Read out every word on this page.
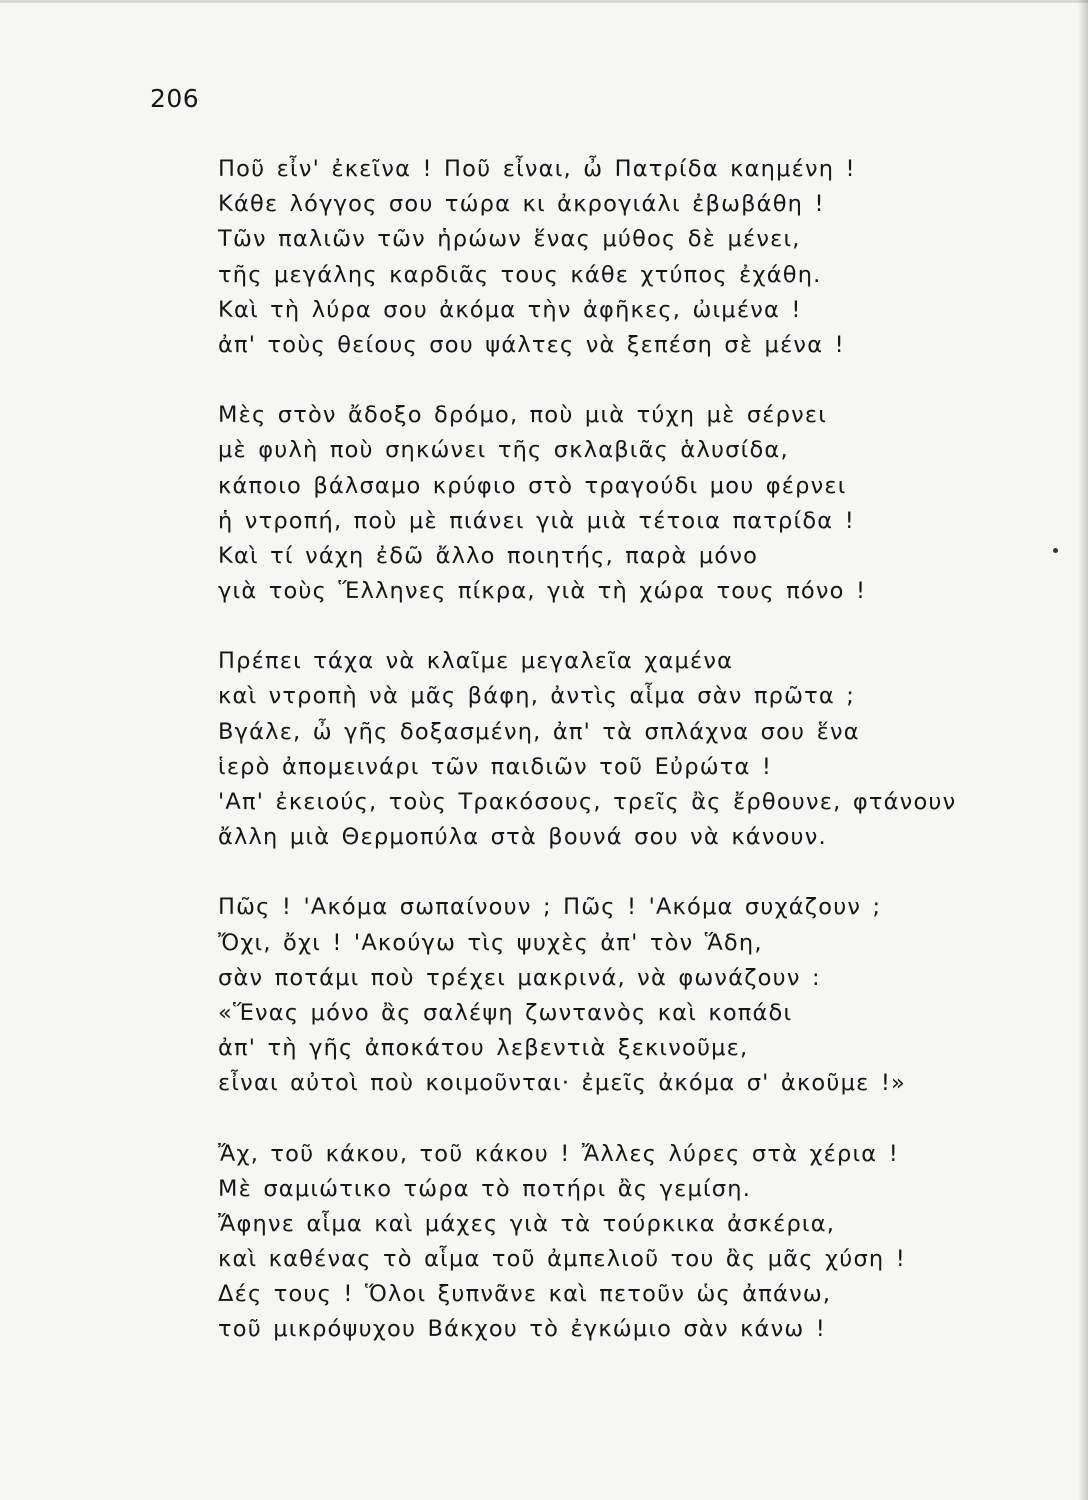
206
Ποῦ εἶν' ἐκεῖνα ! Ποῦ εἶναι, ὦ Πατρίδα καημένη !
Κάθε λόγγος σου τώρα κι ἀκρογιάλι ἐβωβάθη !
Τῶν παλιῶν τῶν ἡρώων ἕνας μύθος δὲ μένει,
τῆς μεγάλης καρδιᾶς τους κάθε χτύπος ἐχάθη.
Καὶ τὴ λύρα σου ἀκόμα τὴν ἀφῆκες, ὠιμένα !
ἀπ' τοὺς θείους σου ψάλτες νὰ ξεπέση σὲ μένα !
Μὲς στὸν ἄδοξο δρόμο, ποὺ μιὰ τύχη μὲ σέρνει
μὲ φυλὴ ποὺ σηκώνει τῆς σκλαβιᾶς ἁλυσίδα,
κάποιο βάλσαμο κρύφιο στὸ τραγούδι μου φέρνει
ἡ ντροπή, ποὺ μὲ πιάνει γιὰ μιὰ τέτοια πατρίδα !
Καὶ τί νάχη ἐδῶ ἄλλο ποιητής, παρὰ μόνο
γιὰ τοὺς Ἕλληνες πίκρα, γιὰ τὴ χώρα τους πόνο !
Πρέπει τάχα νὰ κλαῖμε μεγαλεῖα χαμένα
καὶ ντροπὴ νὰ μᾶς βάφη, ἀντὶς αἷμα σὰν πρῶτα ;
Βγάλε, ὦ γῆς δοξασμένη, ἀπ' τὰ σπλάχνα σου ἕνα
ἱερὸ ἀπομεινάρι τῶν παιδιῶν τοῦ Εὐρώτα !
'Απ' ἐκειούς, τοὺς Τρακόσους, τρεῖς ἂς ἔρθουνε, φτάνουν
ἄλλη μιὰ Θερμοπύλα στὰ βουνά σου νὰ κάνουν.
Πῶς ! 'Ακόμα σωπαίνουν ; Πῶς ! 'Ακόμα συχάζουν ;
Ὄχι, ὄχι ! 'Ακούγω τὶς ψυχὲς ἀπ' τὸν Ἅδη,
σὰν ποτάμι ποὺ τρέχει μακρινά, νὰ φωνάζουν :
«Ἕνας μόνο ἂς σαλέψη ζωντανὸς καὶ κοπάδι
ἀπ' τὴ γῆς ἀποκάτου λεβεντιὰ ξεκινοῦμε,
εἶναι αὐτοὶ ποὺ κοιμοῦνται· ἐμεῖς ἀκόμα σ' ἀκοῦμε !»
Ἄχ, τοῦ κάκου, τοῦ κάκου ! Ἄλλες λύρες στὰ χέρια !
Μὲ σαμιώτικο τώρα τὸ ποτήρι ἂς γεμίση.
Ἄφηνε αἷμα καὶ μάχες γιὰ τὰ τούρκικα ἀσκέρια,
καὶ καθένας τὸ αἷμα τοῦ ἀμπελιοῦ του ἂς μᾶς χύση !
Δές τους ! Ὅλοι ξυπνᾶνε καὶ πετοῦν ὡς ἀπάνω,
τοῦ μικρόψυχου Βάκχου τὸ ἐγκώμιο σὰν κάνω !
